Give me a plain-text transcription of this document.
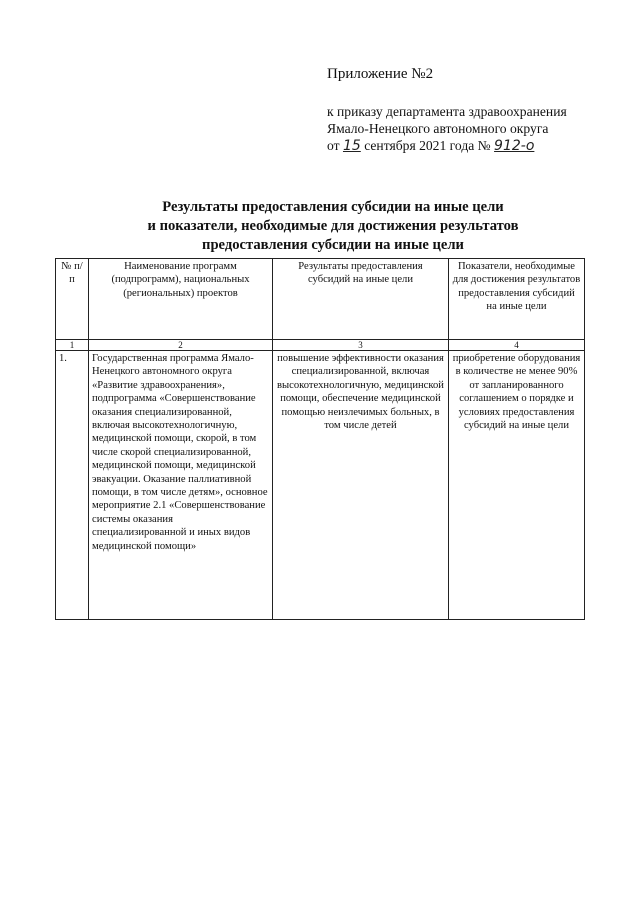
Приложение №2
к приказу департамента здравоохранения
Ямало-Ненецкого автономного округа
от 15 сентября 2021 года № 912-о
Результаты предоставления субсидии на иные цели
и показатели, необходимые для достижения результатов
предоставления субсидии на иные цели
№ п/п	Наименование программ (подпрограмм), национальных (региональных) проектов	Результаты предоставления субсидий на иные цели	Показатели, необходимые для достижения результатов предоставления субсидий на иные цели
1	2	3	4
1.	Государственная программа Ямало-Ненецкого автономного округа «Развитие здравоохранения», подпрограмма «Совершенствование оказания специализированной, включая высокотехнологичную, медицинской помощи, скорой, в том числе скорой специализированной, медицинской помощи, медицинской эвакуации. Оказание паллиативной помощи, в том числе детям», основное мероприятие 2.1 «Совершенствование системы оказания специализированной и иных видов медицинской помощи»	повышение эффективности оказания специализированной, включая высокотехнологичную, медицинской помощи, обеспечение медицинской помощью неизлечимых больных, в том числе детей	приобретение оборудования в количестве не менее 90% от запланированного соглашением о порядке и условиях предоставления субсидий на иные цели
